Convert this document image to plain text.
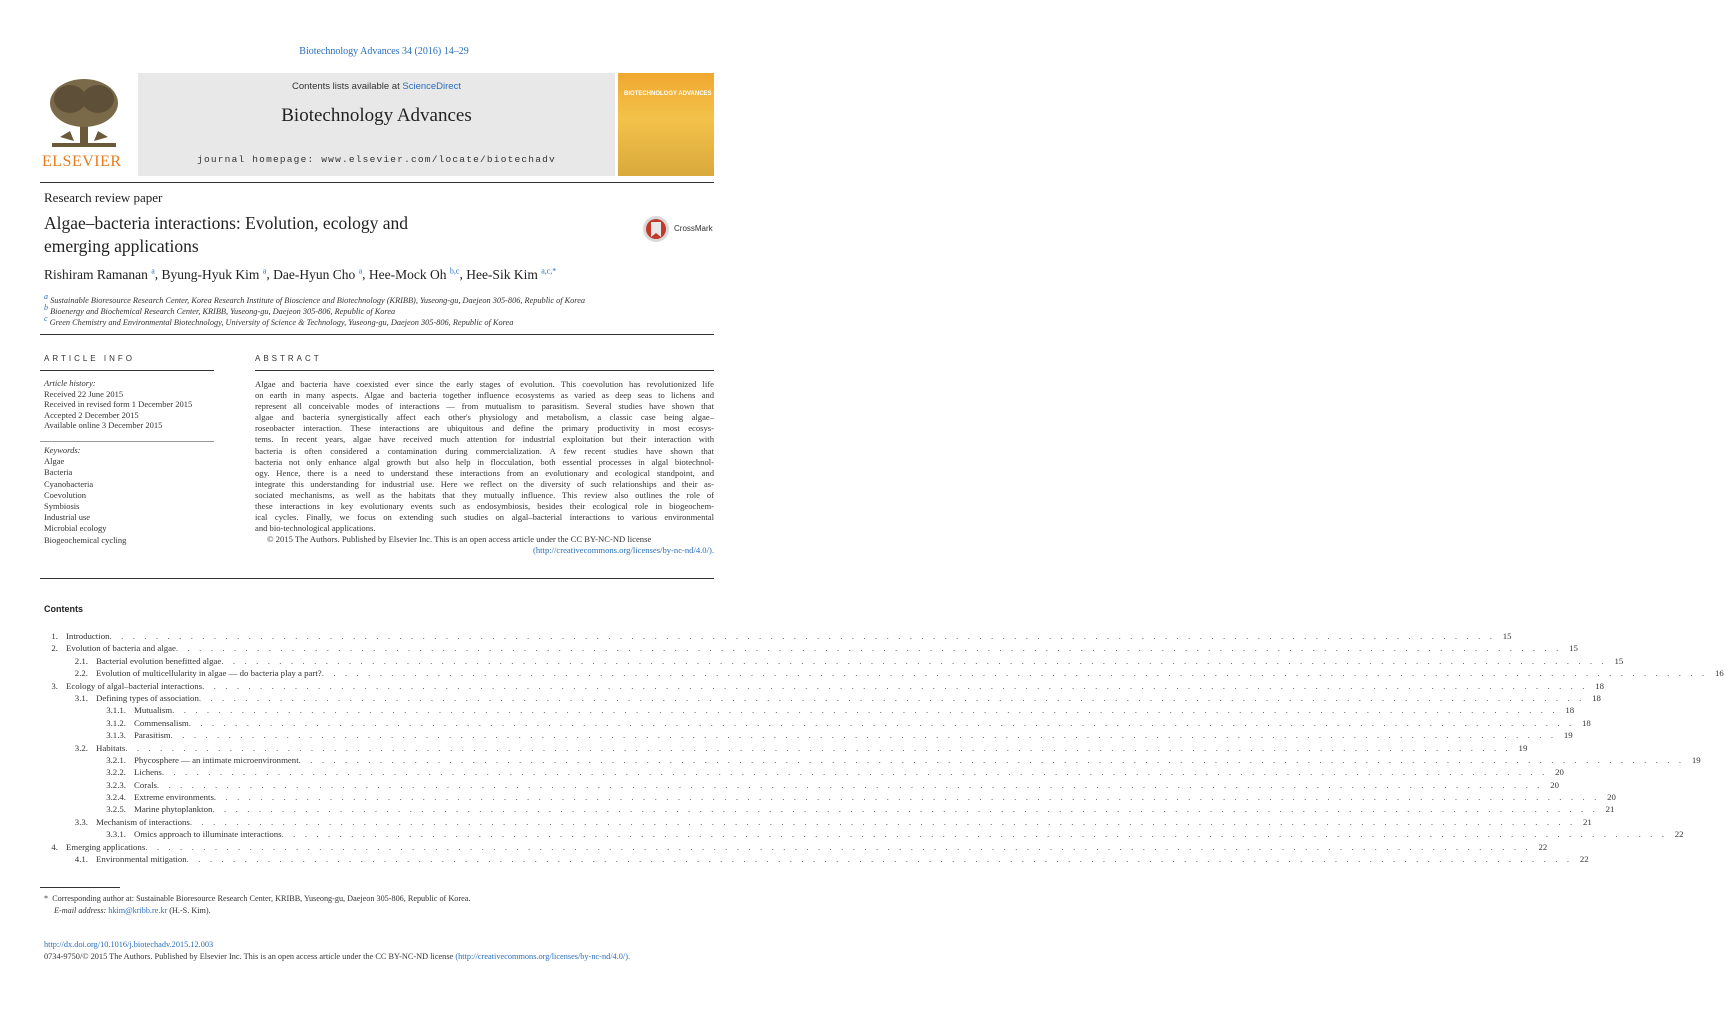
Biotechnology Advances 34 (2016) 14–29
ELSEVIER
Contents lists available at ScienceDirect
Biotechnology Advances
journal homepage: www.elsevier.com/locate/biotechadv
BIOTECHNOLOGY ADVANCES
Research review paper
Algae–bacteria interactions: Evolution, ecology and
emerging applications
CrossMark
Rishiram Ramanan $^a$, Byung-Hyuk Kim $^a$, Dae-Hyun Cho $^a$, Hee-Mock Oh $^{b,c}$, Hee-Sik Kim $^{a,c,*}$
$^a$ Sustainable Bioresource Research Center, Korea Research Institute of Bioscience and Biotechnology (KRIBB), Yuseong-gu, Daejeon 305-806, Republic of Korea
$^b$ Bioenergy and Biochemical Research Center, KRIBB, Yuseong-gu, Daejeon 305-806, Republic of Korea
$^c$ Green Chemistry and Environmental Biotechnology, University of Science & Technology, Yuseong-gu, Daejeon 305-806, Republic of Korea
ARTICLE INFO	ABSTRACT
Article history:
Received 22 June 2015
Received in revised form 1 December 2015
Accepted 2 December 2015
Available online 3 December 2015
Keywords:
Algae
Bacteria
Cyanobacteria
Coevolution
Symbiosis
Industrial use
Microbial ecology
Biogeochemical cycling
Algae and bacteria have coexisted ever since the early stages of evolution. This coevolution has revolutionized life
on earth in many aspects. Algae and bacteria together influence ecosystems as varied as deep seas to lichens and
represent all conceivable modes of interactions — from mutualism to parasitism. Several studies have shown that
algae and bacteria synergistically affect each other's physiology and metabolism, a classic case being algae–
roseobacter interaction. These interactions are ubiquitous and define the primary productivity in most ecosys-
tems. In recent years, algae have received much attention for industrial exploitation but their interaction with
bacteria is often considered a contamination during commercialization. A few recent studies have shown that
bacteria not only enhance algal growth but also help in flocculation, both essential processes in algal biotechnol-
ogy. Hence, there is a need to understand these interactions from an evolutionary and ecological standpoint, and
integrate this understanding for industrial use. Here we reflect on the diversity of such relationships and their as-
sociated mechanisms, as well as the habitats that they mutually influence. This review also outlines the role of
these interactions in key evolutionary events such as endosymbiosis, besides their ecological role in biogeochem-
ical cycles. Finally, we focus on extending such studies on algal–bacterial interactions to various environmental
and bio-technological applications.
© 2015 The Authors. Published by Elsevier Inc. This is an open access article under the CC BY-NC-ND license
(http://creativecommons.org/licenses/by-nc-nd/4.0/).
Contents
1. Introduction . . . . . . . . . . . . . . . . . . . . . . . . . . . . . . . . . . . . . . . . . . . . . . . . . . . . . . . . . . . . . . . . . . . . . . . . . . . . . . . . . . . . . . . . . . . . . . . . . . . . . . . . . . . . . . . . . . . . . . . . 15
2. Evolution of bacteria and algae . . . . . . . . . . . . . . . . . . . . . . . . . . . . . . . . . . . . . . . . . . . . . . . . . . . . . . . . . . . . . . . . . . . . . . . . . . . . . . . . . . . . . . . . . . . . . . . . . . . . . . . . . . . . . . . . . . . . . . . . 15
2.1. Bacterial evolution benefitted algae . . . . . . . . . . . . . . . . . . . . . . . . . . . . . . . . . . . . . . . . . . . . . . . . . . . . . . . . . . . . . . . . . . . . . . . . . . . . . . . . . . . . . . . . . . . . . . . . . . . . . . . . . . . . . . . . . . . . . . . . 15
2.2. Evolution of multicellularity in algae — do bacteria play a part? . . . . . . . . . . . . . . . . . . . . . . . . . . . . . . . . . . . . . . . . . . . . . . . . . . . . . . . . . . . . . . . . . . . . . . . . . . . . . . . . . . . . . . . . . . . . . . . . . . . . . . . . . . . . . . . . . . . . . . . . 16
3. Ecology of algal–bacterial interactions . . . . . . . . . . . . . . . . . . . . . . . . . . . . . . . . . . . . . . . . . . . . . . . . . . . . . . . . . . . . . . . . . . . . . . . . . . . . . . . . . . . . . . . . . . . . . . . . . . . . . . . . . . . . . . . . . . . . . . . . 18
3.1. Defining types of association . . . . . . . . . . . . . . . . . . . . . . . . . . . . . . . . . . . . . . . . . . . . . . . . . . . . . . . . . . . . . . . . . . . . . . . . . . . . . . . . . . . . . . . . . . . . . . . . . . . . . . . . . . . . . . . . . . . . . . . . 18
3.1.1. Mutualism . . . . . . . . . . . . . . . . . . . . . . . . . . . . . . . . . . . . . . . . . . . . . . . . . . . . . . . . . . . . . . . . . . . . . . . . . . . . . . . . . . . . . . . . . . . . . . . . . . . . . . . . . . . . . . . . . . . . . . . . 18
3.1.2. Commensalism . . . . . . . . . . . . . . . . . . . . . . . . . . . . . . . . . . . . . . . . . . . . . . . . . . . . . . . . . . . . . . . . . . . . . . . . . . . . . . . . . . . . . . . . . . . . . . . . . . . . . . . . . . . . . . . . . . . . . . . . 18
3.1.3. Parasitism . . . . . . . . . . . . . . . . . . . . . . . . . . . . . . . . . . . . . . . . . . . . . . . . . . . . . . . . . . . . . . . . . . . . . . . . . . . . . . . . . . . . . . . . . . . . . . . . . . . . . . . . . . . . . . . . . . . . . . . . 19
3.2. Habitats . . . . . . . . . . . . . . . . . . . . . . . . . . . . . . . . . . . . . . . . . . . . . . . . . . . . . . . . . . . . . . . . . . . . . . . . . . . . . . . . . . . . . . . . . . . . . . . . . . . . . . . . . . . . . . . . . . . . . . . . 19
3.2.1. Phycosphere — an intimate microenvironment . . . . . . . . . . . . . . . . . . . . . . . . . . . . . . . . . . . . . . . . . . . . . . . . . . . . . . . . . . . . . . . . . . . . . . . . . . . . . . . . . . . . . . . . . . . . . . . . . . . . . . . . . . . . . . . . . . . . . . . . 19
3.2.2. Lichens . . . . . . . . . . . . . . . . . . . . . . . . . . . . . . . . . . . . . . . . . . . . . . . . . . . . . . . . . . . . . . . . . . . . . . . . . . . . . . . . . . . . . . . . . . . . . . . . . . . . . . . . . . . . . . . . . . . . . . . . 20
3.2.3. Corals . . . . . . . . . . . . . . . . . . . . . . . . . . . . . . . . . . . . . . . . . . . . . . . . . . . . . . . . . . . . . . . . . . . . . . . . . . . . . . . . . . . . . . . . . . . . . . . . . . . . . . . . . . . . . . . . . . . . . . . . 20
3.2.4. Extreme environments . . . . . . . . . . . . . . . . . . . . . . . . . . . . . . . . . . . . . . . . . . . . . . . . . . . . . . . . . . . . . . . . . . . . . . . . . . . . . . . . . . . . . . . . . . . . . . . . . . . . . . . . . . . . . . . . . . . . . . . . 20
3.2.5. Marine phytoplankton . . . . . . . . . . . . . . . . . . . . . . . . . . . . . . . . . . . . . . . . . . . . . . . . . . . . . . . . . . . . . . . . . . . . . . . . . . . . . . . . . . . . . . . . . . . . . . . . . . . . . . . . . . . . . . . . . . . . . . . . 21
3.3. Mechanism of interactions . . . . . . . . . . . . . . . . . . . . . . . . . . . . . . . . . . . . . . . . . . . . . . . . . . . . . . . . . . . . . . . . . . . . . . . . . . . . . . . . . . . . . . . . . . . . . . . . . . . . . . . . . . . . . . . . . . . . . . . . 21
3.3.1. Omics approach to illuminate interactions . . . . . . . . . . . . . . . . . . . . . . . . . . . . . . . . . . . . . . . . . . . . . . . . . . . . . . . . . . . . . . . . . . . . . . . . . . . . . . . . . . . . . . . . . . . . . . . . . . . . . . . . . . . . . . . . . . . . . . . . 22
4. Emerging applications . . . . . . . . . . . . . . . . . . . . . . . . . . . . . . . . . . . . . . . . . . . . . . . . . . . . . . . . . . . . . . . . . . . . . . . . . . . . . . . . . . . . . . . . . . . . . . . . . . . . . . . . . . . . . . . . . . . . . . . . 22
4.1. Environmental mitigation . . . . . . . . . . . . . . . . . . . . . . . . . . . . . . . . . . . . . . . . . . . . . . . . . . . . . . . . . . . . . . . . . . . . . . . . . . . . . . . . . . . . . . . . . . . . . . . . . . . . . . . . . . . . . . . . . . . . . . . . 22
* Corresponding author at: Sustainable Bioresource Research Center, KRIBB, Yuseong-gu, Daejeon 305-806, Republic of Korea.
E-mail address: hkim@kribb.re.kr (H.-S. Kim).
http://dx.doi.org/10.1016/j.biotechadv.2015.12.003
0734-9750/© 2015 The Authors. Published by Elsevier Inc. This is an open access article under the CC BY-NC-ND license (http://creativecommons.org/licenses/by-nc-nd/4.0/).
